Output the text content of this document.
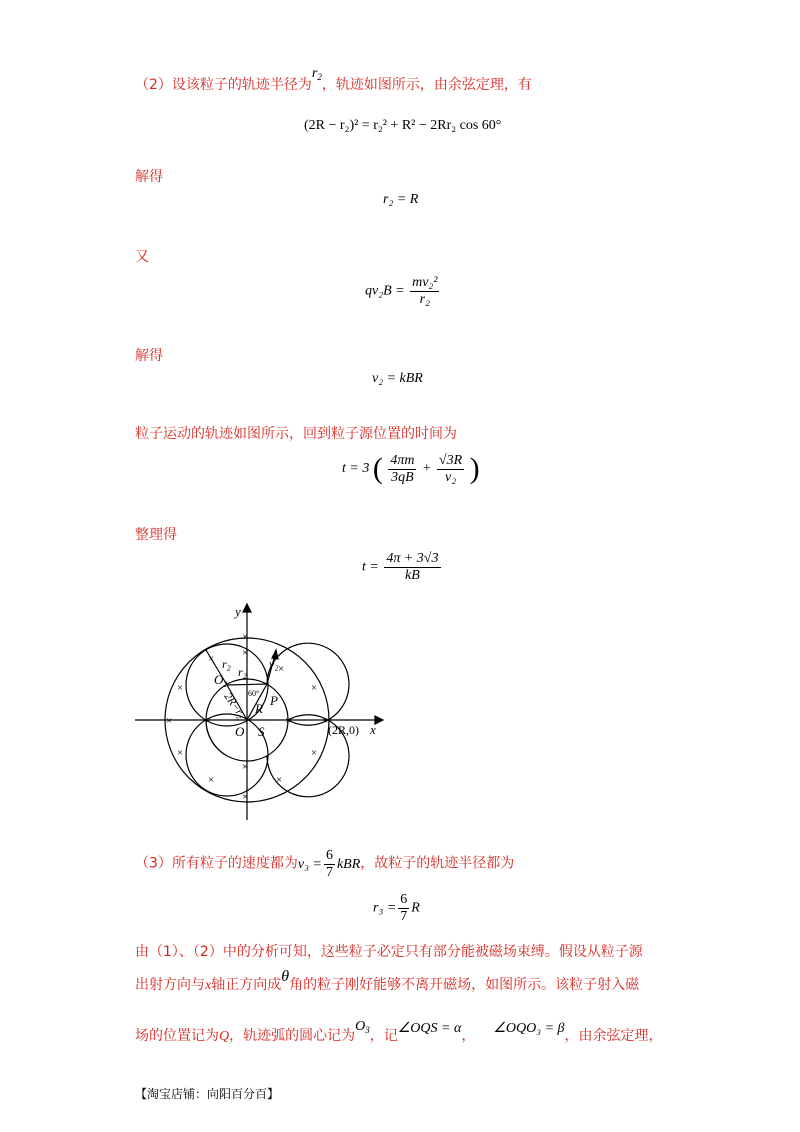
（2）设该粒子的轨迹半径为$r_2$，轨迹如图所示，由余弦定理，有
(2R − r₂)² = r₂² + R² − 2Rr₂ cos 60°
解得
r₂ = R
又
$qv_2B = \frac{\text{mv₂²}}{\text{r₂}}$
解得
v₂ = kBR
粒子运动的轨迹如图所示，回到粒子源位置的时间为
t = 3 ( $\frac{4\pi m}{3qB} + \frac{√3R}{\text{v₂}}$ )
整理得
$t = \frac{4\pi + 3√3}{kB}$
×	×	×	×
×
×
×
×
×	×
×
×
×
×
×
×
y
x
O S
P
R
$O_2$
r₂
r₂
v₂
2R−r₂ 60°
(2R,0)
（3）所有粒子的速度都为$v_3 = \frac{6}{7}$ kBR，故粒子的轨迹半径都为
$r_3 = \frac{6}{7}$ R
由（1）、（2）中的分析可知，这些粒子必定只有部分能被磁场束缚。假设从粒子源
出射方向与x轴正方向成θ角的粒子刚好能够不离开磁场，如图所示。该粒子射入磁
场的位置记为Q，轨迹弧的圆心记为$O_3$，记∠OQS = α， ∠OQO₃ = β，由余弦定理，
【淘宝店铺：向阳百分百】
